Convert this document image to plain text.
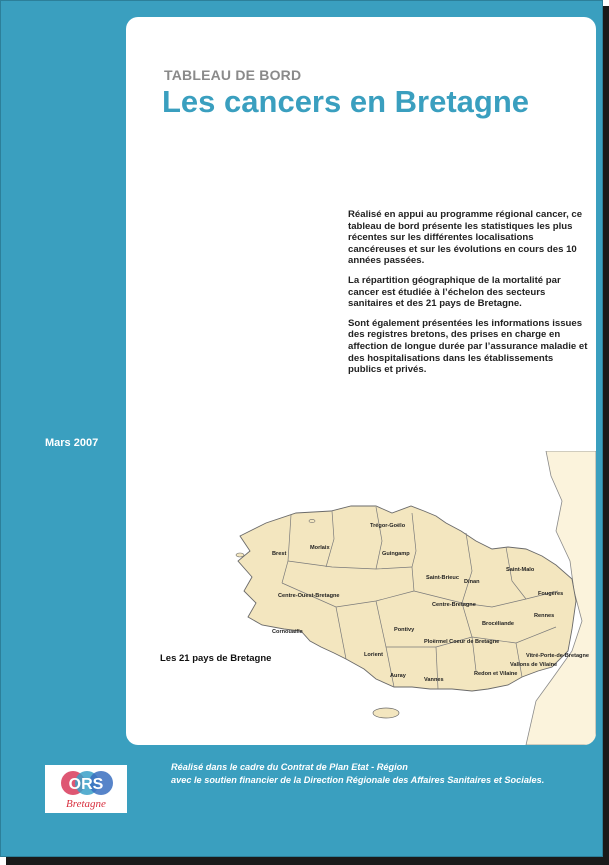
Mars 2007
TABLEAU DE BORD
Les cancers en Bretagne

Réalisé en appui au programme régional cancer, ce tableau de bord présente les statistiques les plus récentes sur les différentes localisations cancéreuses et sur les évolutions en cours des 10 années passées.

La répartition géographique de la mortalité par cancer est étudiée à l’échelon des secteurs sanitaires et des 21 pays de Bretagne.

Sont également présentées les informations issues des registres bretons, des prises en charge en affection de longue durée par l’assurance maladie et des hospitalisations dans les établissements publics et privés.

Brest
Morlaix
Trégor-Goëlo
Guingamp
Saint-Brieuc
Saint-Malo
Centre-Ouest-Bretagne
Dinan
Fougères
Centre-Bretagne
Cornouaille
Brocéliande
Rennes
Pontivy
Vitré-Porte-de-Bretagne
Lorient
Ploërmel Coeur de Bretagne
Vallons de Vilaine
Auray
Vannes
Redon et Vilaine
Les 21 pays de Bretagne
ORS
Bretagne
Réalisé dans le cadre du Contrat de Plan Etat - Région
avec le soutien financier de la Direction Régionale des Affaires Sanitaires et Sociales.
